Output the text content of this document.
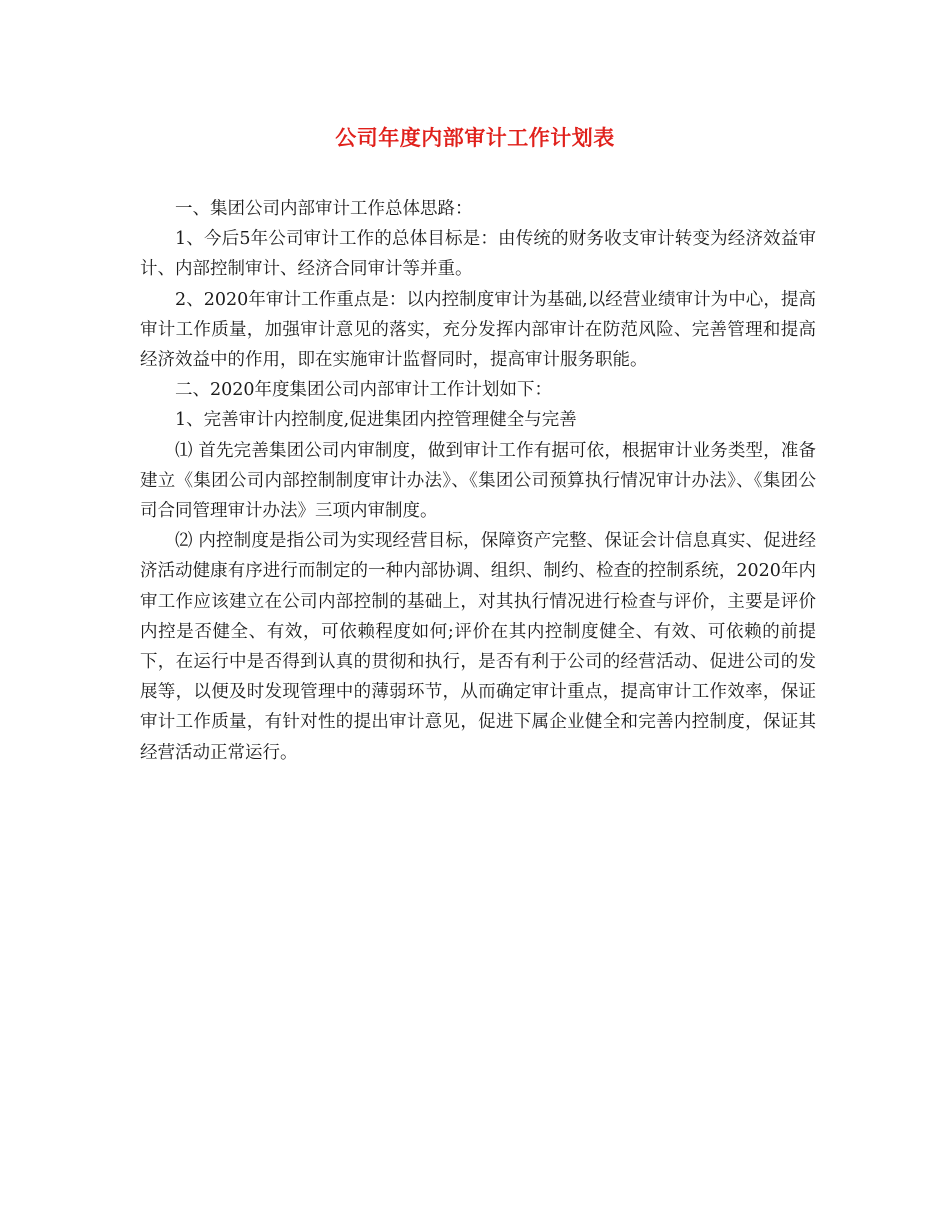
公司年度内部审计工作计划表

一、集团公司内部审计工作总体思路：

1、今后5年公司审计工作的总体目标是：由传统的财务收支审计转变为经济效益审计、内部控制审计、经济合同审计等并重。

2、2020年审计工作重点是：以内控制度审计为基础,以经营业绩审计为中心，提高审计工作质量，加强审计意见的落实，充分发挥内部审计在防范风险、完善管理和提高经济效益中的作用，即在实施审计监督同时，提高审计服务职能。

二、2020年度集团公司内部审计工作计划如下：

1、完善审计内控制度,促进集团内控管理健全与完善

⑴ 首先完善集团公司内审制度，做到审计工作有据可依，根据审计业务类型，准备建立《集团公司内部控制制度审计办法》、《集团公司预算执行情况审计办法》、《集团公司合同管理审计办法》三项内审制度。

⑵ 内控制度是指公司为实现经营目标，保障资产完整、保证会计信息真实、促进经济活动健康有序进行而制定的一种内部协调、组织、制约、检查的控制系统，2020年内审工作应该建立在公司内部控制的基础上，对其执行情况进行检查与评价，主要是评价内控是否健全、有效，可依赖程度如何;评价在其内控制度健全、有效、可依赖的前提下，在运行中是否得到认真的贯彻和执行，是否有利于公司的经营活动、促进公司的发展等，以便及时发现管理中的薄弱环节，从而确定审计重点，提高审计工作效率，保证审计工作质量，有针对性的提出审计意见，促进下属企业健全和完善内控制度，保证其经营活动正常运行。
